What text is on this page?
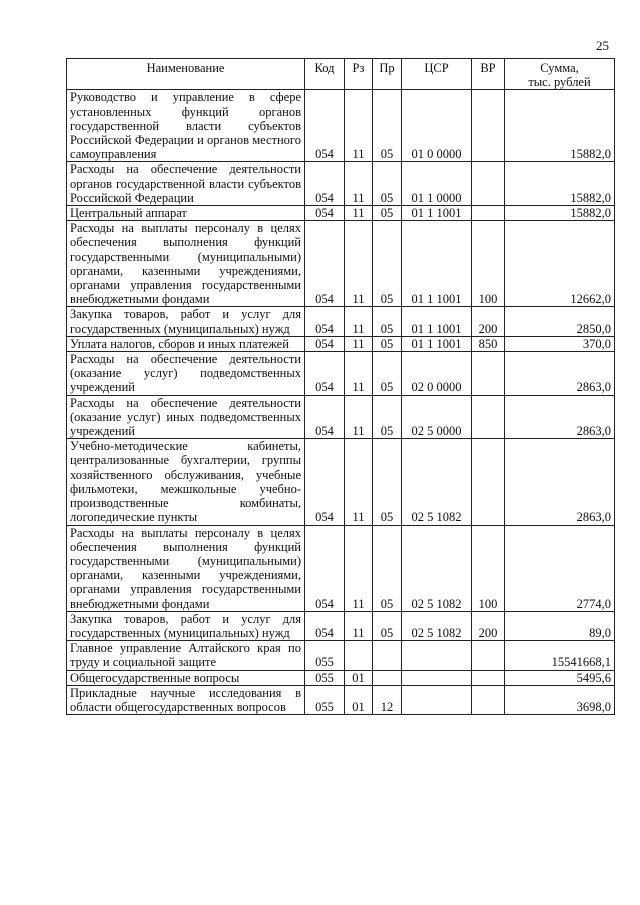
25
Наименование	Код	Рз	Пр	ЦСР	ВР	Сумма,
тыс. рублей

Руководство и управление в сфере установленных функций органов государственной власти субъектов Российской Федерации и органов местного самоуправления	054	11	05	01 0 0000		15882,0
Расходы на обеспечение деятельности органов государственной власти субъектов Российской Федерации	054	11	05	01 1 0000		15882,0
Центральный аппарат	054	11	05	01 1 1001		15882,0
Расходы на выплаты персоналу в целях обеспечения выполнения функций государственными (муниципальными) органами, казенными учреждениями, органами управления государственными внебюджетными фондами	054	11	05	01 1 1001	100	12662,0
Закупка товаров, работ и услуг для государственных (муниципальных) нужд	054	11	05	01 1 1001	200	2850,0
Уплата налогов, сборов и иных платежей	054	11	05	01 1 1001	850	370,0
Расходы на обеспечение деятельности (оказание услуг) подведомственных учреждений	054	11	05	02 0 0000		2863,0
Расходы на обеспечение деятельности (оказание услуг) иных подведомственных учреждений	054	11	05	02 5 0000		2863,0
Учебно-методические кабинеты, централизованные бухгалтерии, группы хозяйственного обслуживания, учебные фильмотеки, межшкольные учебно-производственные комбинаты, логопедические пункты	054	11	05	02 5 1082		2863,0
Расходы на выплаты персоналу в целях обеспечения выполнения функций государственными (муниципальными) органами, казенными учреждениями, органами управления государственными внебюджетными фондами	054	11	05	02 5 1082	100	2774,0
Закупка товаров, работ и услуг для государственных (муниципальных) нужд	054	11	05	02 5 1082	200	89,0
Главное управление Алтайского края по труду и социальной защите	055					15541668,1
Общегосударственные вопросы	055	01				5495,6
Прикладные научные исследования в области общегосударственных вопросов	055	01	12			3698,0
